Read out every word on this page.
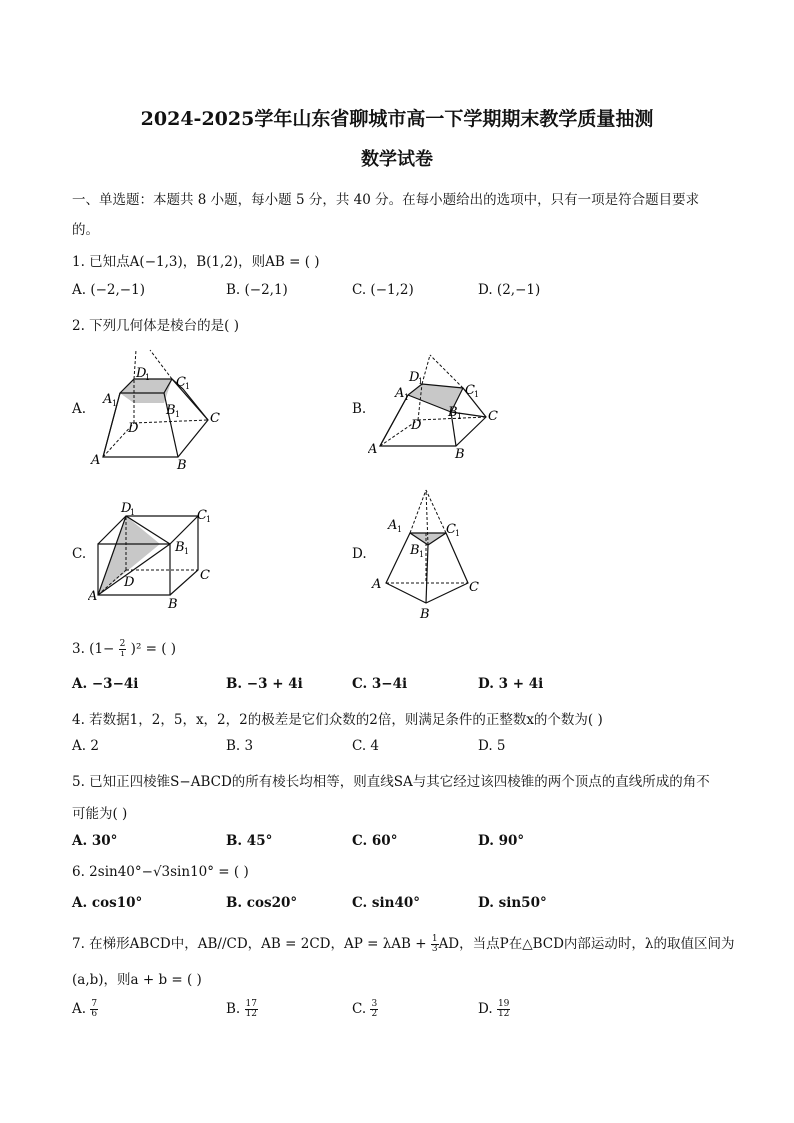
2024-2025学年山东省聊城市高一下学期期末教学质量抽测
数学试卷
一、单选题：本题共 8 小题，每小题 5 分，共 40 分。在每小题给出的选项中，只有一项是符合题目要求
的。
1. 已知点A(−1,3)，B(1,2)，则AB = ( )
A. (−2,−1)	B. (−2,1)	C. (−1,2)	D. (2,−1)
2. 下列几何体是棱台的是( )
A.
A	B
C
D
A 1	B 1
C 1
D
1
B.
A	B
C
D
A 1
B 1
C 1
D
1
C.
A
B
C
D
B 1
C 1
D
1
D.
A
B
C
A 1
B 1
C 1
3. $(1- \frac{2}{i} )^2$ = ( )
A. −3−4i	B. −3 + 4i	C. 3−4i	D. 3 + 4i
4. 若数据1，2，5，x，2，2的极差是它们众数的2倍，则满足条件的正整数x的个数为( )
A. 2	B. 3	C. 4	D. 5
5. 已知正四棱锥S−ABCD的所有棱长均相等，则直线SA与其它经过该四棱锥的两个顶点的直线所成的角不
可能为( )
A. 30°	B. 45°	C. 60°	D. 90°
6. 2sin40°−√3sin10° = ( )
A. cos10°	B. cos20°	C. sin40°	D. sin50°
7. 在梯形ABCD中，AB//CD，AB = 2CD，AP = $\lambda AB + \frac{1}{3}$ AD，当点P在△BCD内部运动时，λ的取值区间为
(a,b)，则a + b = ( )
A. $\frac{7}{6}$	B. $\frac{17}{12}$	C. $\frac{3}{2}$	D. $\frac{19}{12}$
